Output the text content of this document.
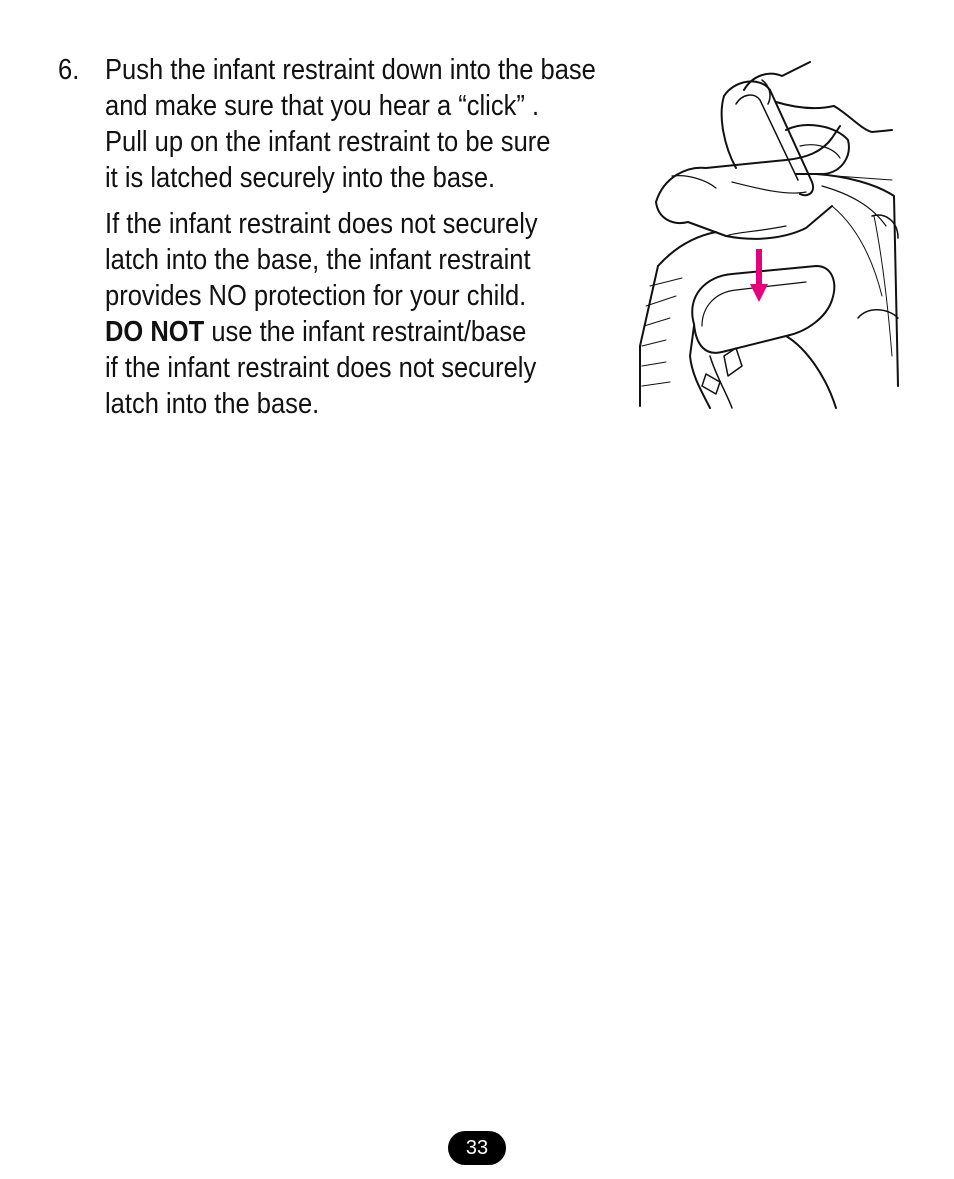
6. Push the infant restraint down into the base
and make sure that you hear a “click” .
Pull up on the infant restraint to be sure
it is latched securely into the base.
If the infant restraint does not securely
latch into the base, the infant restraint
provides NO protection for your child.
DO NOT use the infant restraint/base
if the infant restraint does not securely
latch into the base.
33
